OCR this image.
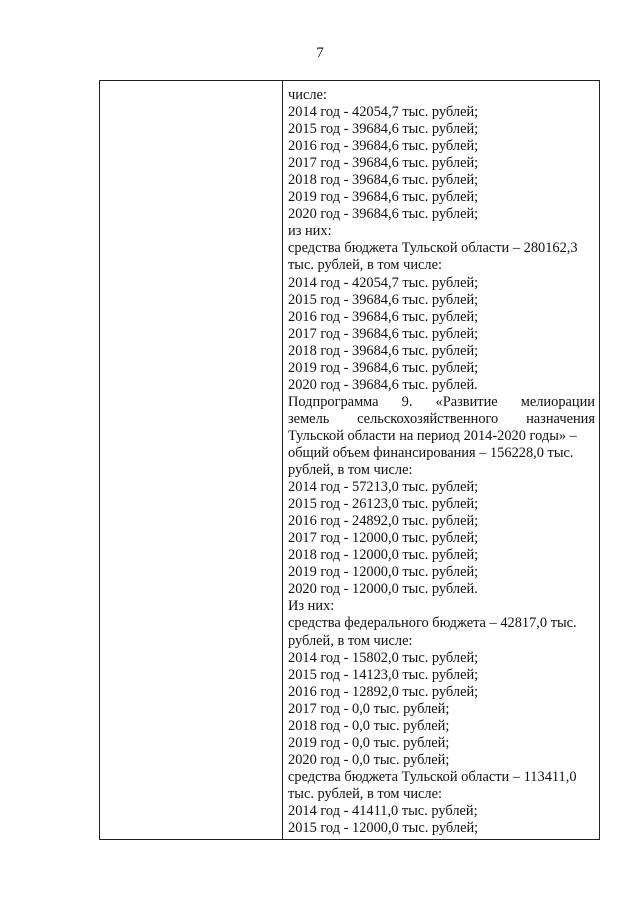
7
числе:
2014 год - 42054,7 тыс. рублей;
2015 год - 39684,6 тыс. рублей;
2016 год - 39684,6 тыс. рублей;
2017 год - 39684,6 тыс. рублей;
2018 год - 39684,6 тыс. рублей;
2019 год - 39684,6 тыс. рублей;
2020 год - 39684,6 тыс. рублей;
из них:
средства бюджета Тульской области – 280162,3
тыс. рублей, в том числе:
2014 год - 42054,7 тыс. рублей;
2015 год - 39684,6 тыс. рублей;
2016 год - 39684,6 тыс. рублей;
2017 год - 39684,6 тыс. рублей;
2018 год - 39684,6 тыс. рублей;
2019 год - 39684,6 тыс. рублей;
2020 год - 39684,6 тыс. рублей.
Подпрограмма 9. «Развитие мелиорации
земель сельскохозяйственного назначения
Тульской области на период 2014-2020 годы» –
общий объем финансирования – 156228,0 тыс.
рублей, в том числе:
2014 год - 57213,0 тыс. рублей;
2015 год - 26123,0 тыс. рублей;
2016 год - 24892,0 тыс. рублей;
2017 год - 12000,0 тыс. рублей;
2018 год - 12000,0 тыс. рублей;
2019 год - 12000,0 тыс. рублей;
2020 год - 12000,0 тыс. рублей.
Из них:
средства федерального бюджета – 42817,0 тыс.
рублей, в том числе:
2014 год - 15802,0 тыс. рублей;
2015 год - 14123,0 тыс. рублей;
2016 год - 12892,0 тыс. рублей;
2017 год - 0,0 тыс. рублей;
2018 год - 0,0 тыс. рублей;
2019 год - 0,0 тыс. рублей;
2020 год - 0,0 тыс. рублей;
средства бюджета Тульской области – 113411,0
тыс. рублей, в том числе:
2014 год - 41411,0 тыс. рублей;
2015 год - 12000,0 тыс. рублей;
